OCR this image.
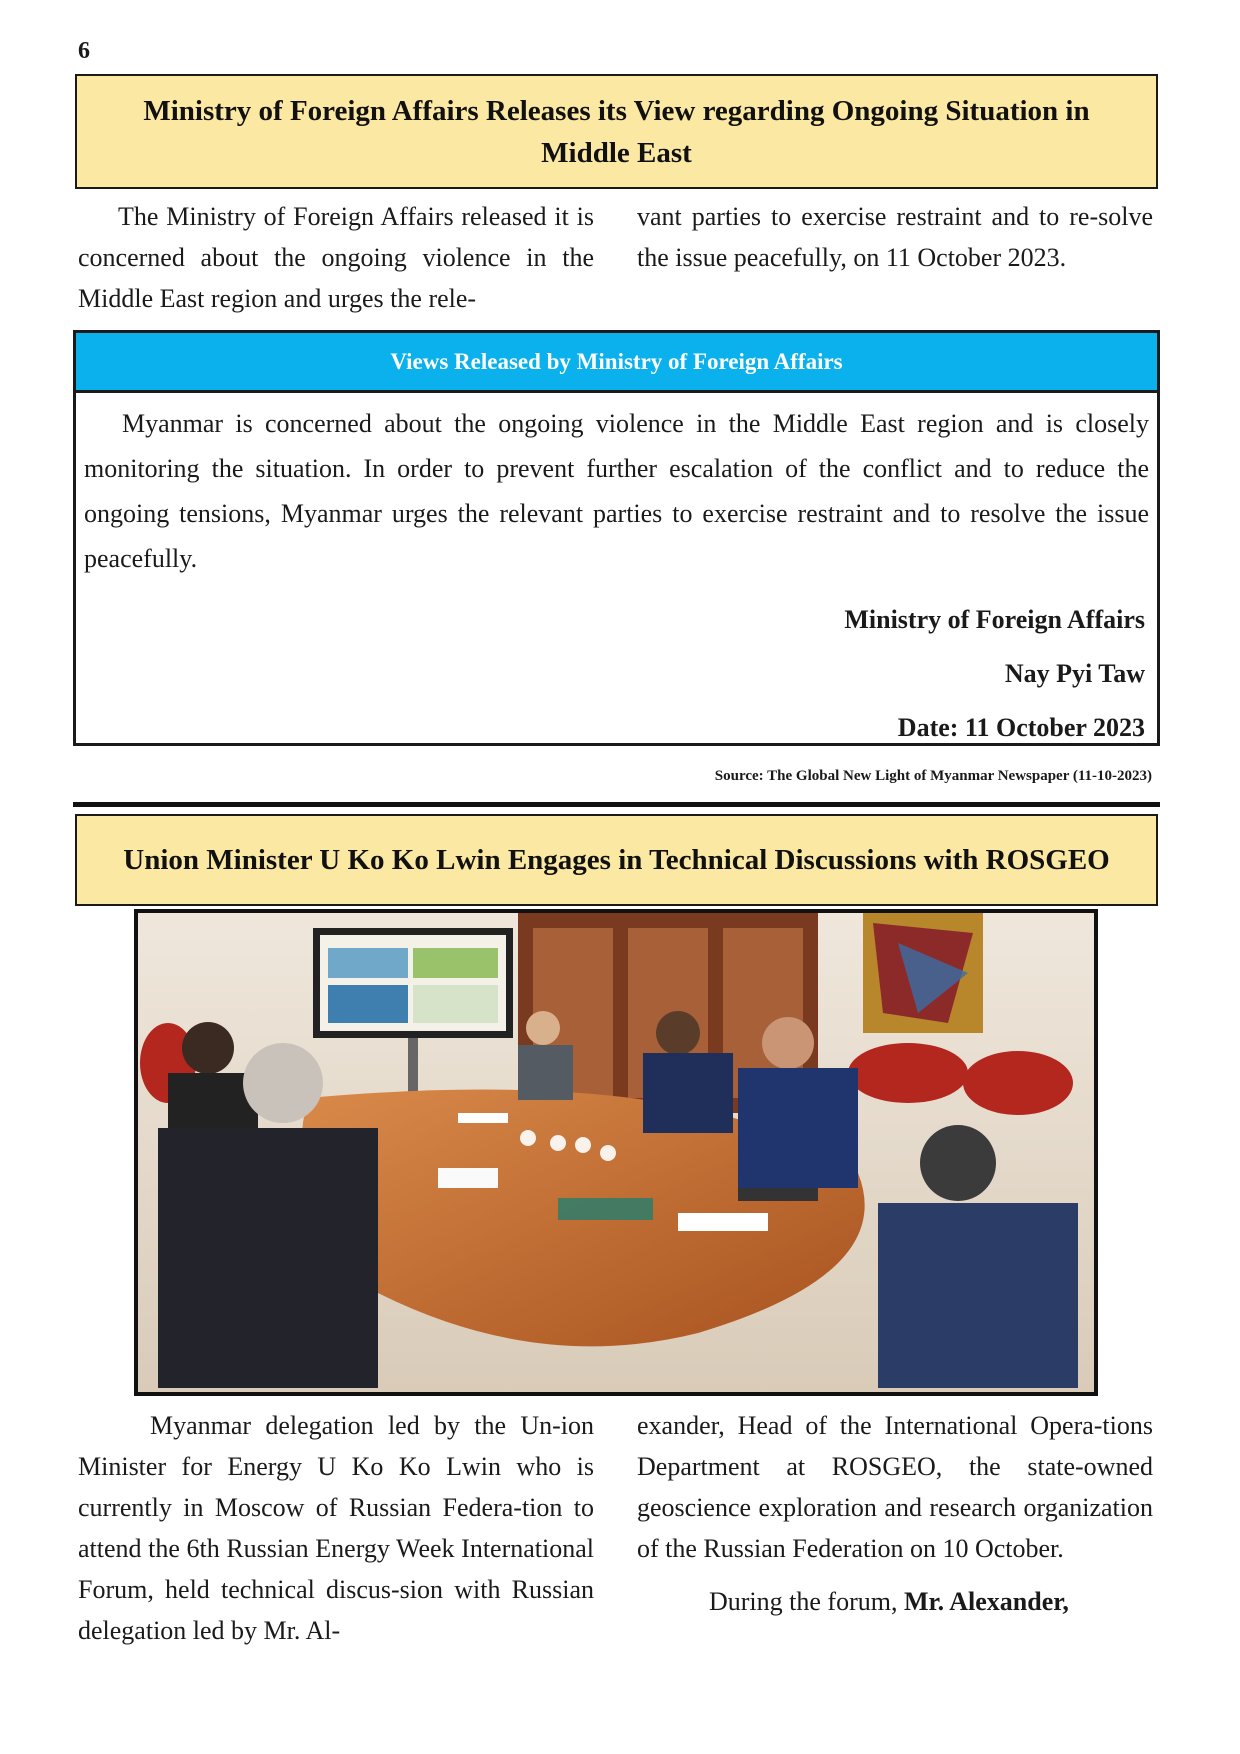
6
Ministry of Foreign Affairs Releases its View regarding Ongoing Situation in Middle East

The Ministry of Foreign Affairs released it is concerned about the ongoing violence in the Middle East region and urges the rele-

vant parties to exercise restraint and to re-solve the issue peacefully, on 11 October 2023.

Views Released by Ministry of Foreign Affairs

Myanmar is concerned about the ongoing violence in the Middle East region and is closely monitoring the situation. In order to prevent further escalation of the conflict and to reduce the ongoing tensions, Myanmar urges the relevant parties to exercise restraint and to resolve the issue peacefully.

Ministry of Foreign Affairs
Nay Pyi Taw
Date: 11 October 2023
Source: The Global New Light of Myanmar Newspaper (11-10-2023)
Union Minister U Ko Ko Lwin Engages in Technical Discussions with ROSGEO

Myanmar delegation led by the Un-ion Minister for Energy U Ko Ko Lwin who is currently in Moscow of Russian Federa-tion to attend the 6th Russian Energy Week International Forum, held technical discus-sion with Russian delegation led by Mr. Al-

exander, Head of the International Opera-tions Department at ROSGEO, the state-owned geoscience exploration and research organization of the Russian Federation on 10 October.

During the forum, Mr. Alexander,
